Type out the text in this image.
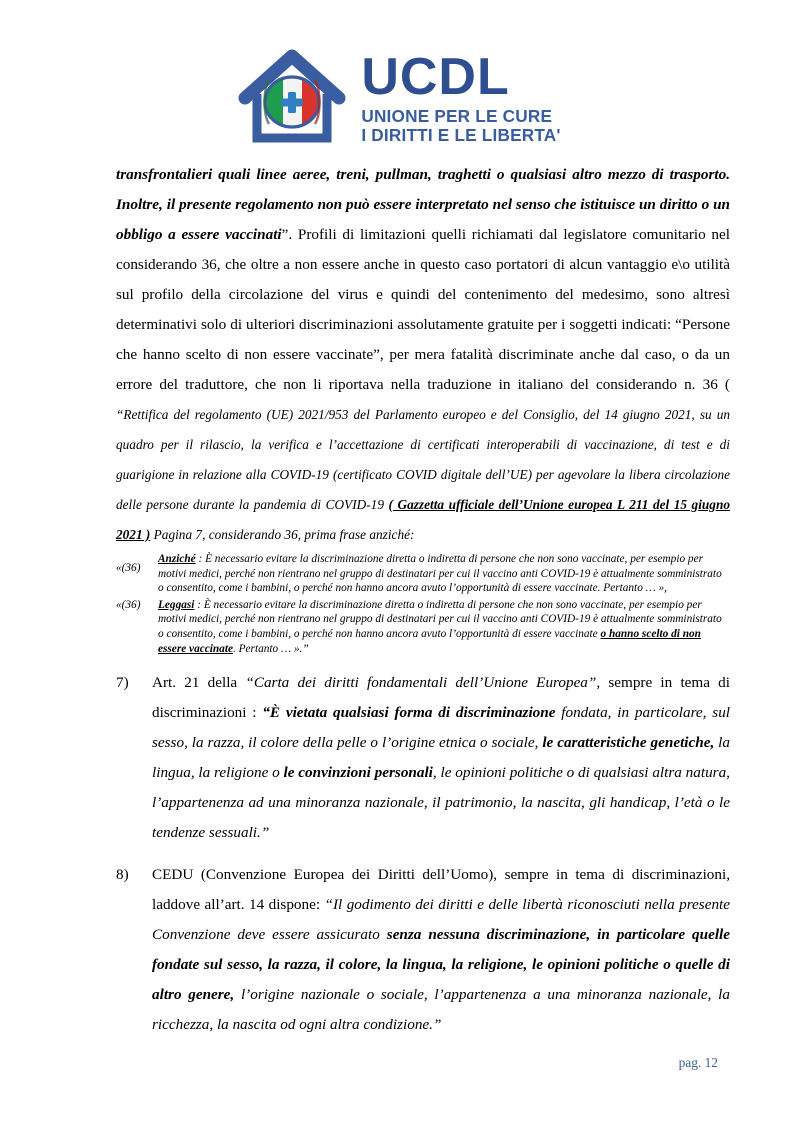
UCDL
UNIONE PER LE CURE
I DIRITTI E LE LIBERTA'

transfrontalieri quali linee aeree, treni, pullman, traghetti o qualsiasi altro mezzo di trasporto. Inoltre, il presente regolamento non può essere interpretato nel senso che istituisce un diritto o un obbligo a essere vaccinati”. Profili di limitazioni quelli richiamati dal legislatore comunitario nel considerando 36, che oltre a non essere anche in questo caso portatori di alcun vantaggio e\o utilità sul profilo della circolazione del virus e quindi del contenimento del medesimo, sono altresì determinativi solo di ulteriori discriminazioni assolutamente gratuite per i soggetti indicati: “Persone che hanno scelto di non essere vaccinate”, per mera fatalità discriminate anche dal caso, o da un errore del traduttore, che non li riportava nella traduzione in italiano del considerando n. 36 ( “Rettifica del regolamento (UE) 2021/953 del Parlamento europeo e del Consiglio, del 14 giugno 2021, su un quadro per il rilascio, la verifica e l’accettazione di certificati interoperabili di vaccinazione, di test e di guarigione in relazione alla COVID-19 (certificato COVID digitale dell’UE) per agevolare la libera circolazione delle persone durante la pandemia di COVID-19 ( Gazzetta ufficiale dell’Unione europea L 211 del 15 giugno 2021 ) Pagina 7, considerando 36, prima frase anziché:

«(36)
Anziché : È necessario evitare la discriminazione diretta o indiretta di persone che non sono vaccinate, per esempio per motivi medici, perché non rientrano nel gruppo di destinatari per cui il vaccino anti COVID-19 è attualmente somministrato o consentito, come i bambini, o perché non hanno ancora avuto l’opportunità di essere vaccinate. Pertanto … »,
«(36) Leggasi : È necessario evitare la discriminazione diretta o indiretta di persone che non sono vaccinate, per esempio per motivi medici, perché non rientrano nel gruppo di destinatari per cui il vaccino anti COVID-19 è attualmente somministrato o consentito, come i bambini, o perché non hanno ancora avuto l’opportunità di essere vaccinate o hanno scelto di non essere vaccinate. Pertanto … ».”
7)	Art. 21 della “Carta dei diritti fondamentali dell’Unione Europea”, sempre in tema di discriminazioni : “È vietata qualsiasi forma di discriminazione fondata, in particolare, sul sesso, la razza, il colore della pelle o l’origine etnica o sociale, le caratteristiche genetiche, la lingua, la religione o le convinzioni personali, le opinioni politiche o di qualsiasi altra natura, l’appartenenza ad una minoranza nazionale, il patrimonio, la nascita, gli handicap, l’età o le tendenze sessuali.”
8)	CEDU (Convenzione Europea dei Diritti dell’Uomo), sempre in tema di discriminazioni, laddove all’art. 14 dispone: “Il godimento dei diritti e delle libertà riconosciuti nella presente Convenzione deve essere assicurato senza nessuna discriminazione, in particolare quelle fondate sul sesso, la razza, il colore, la lingua, la religione, le opinioni politiche o quelle di altro genere, l’origine nazionale o sociale, l’appartenenza a una minoranza nazionale, la ricchezza, la nascita od ogni altra condizione.”
pag. 12
